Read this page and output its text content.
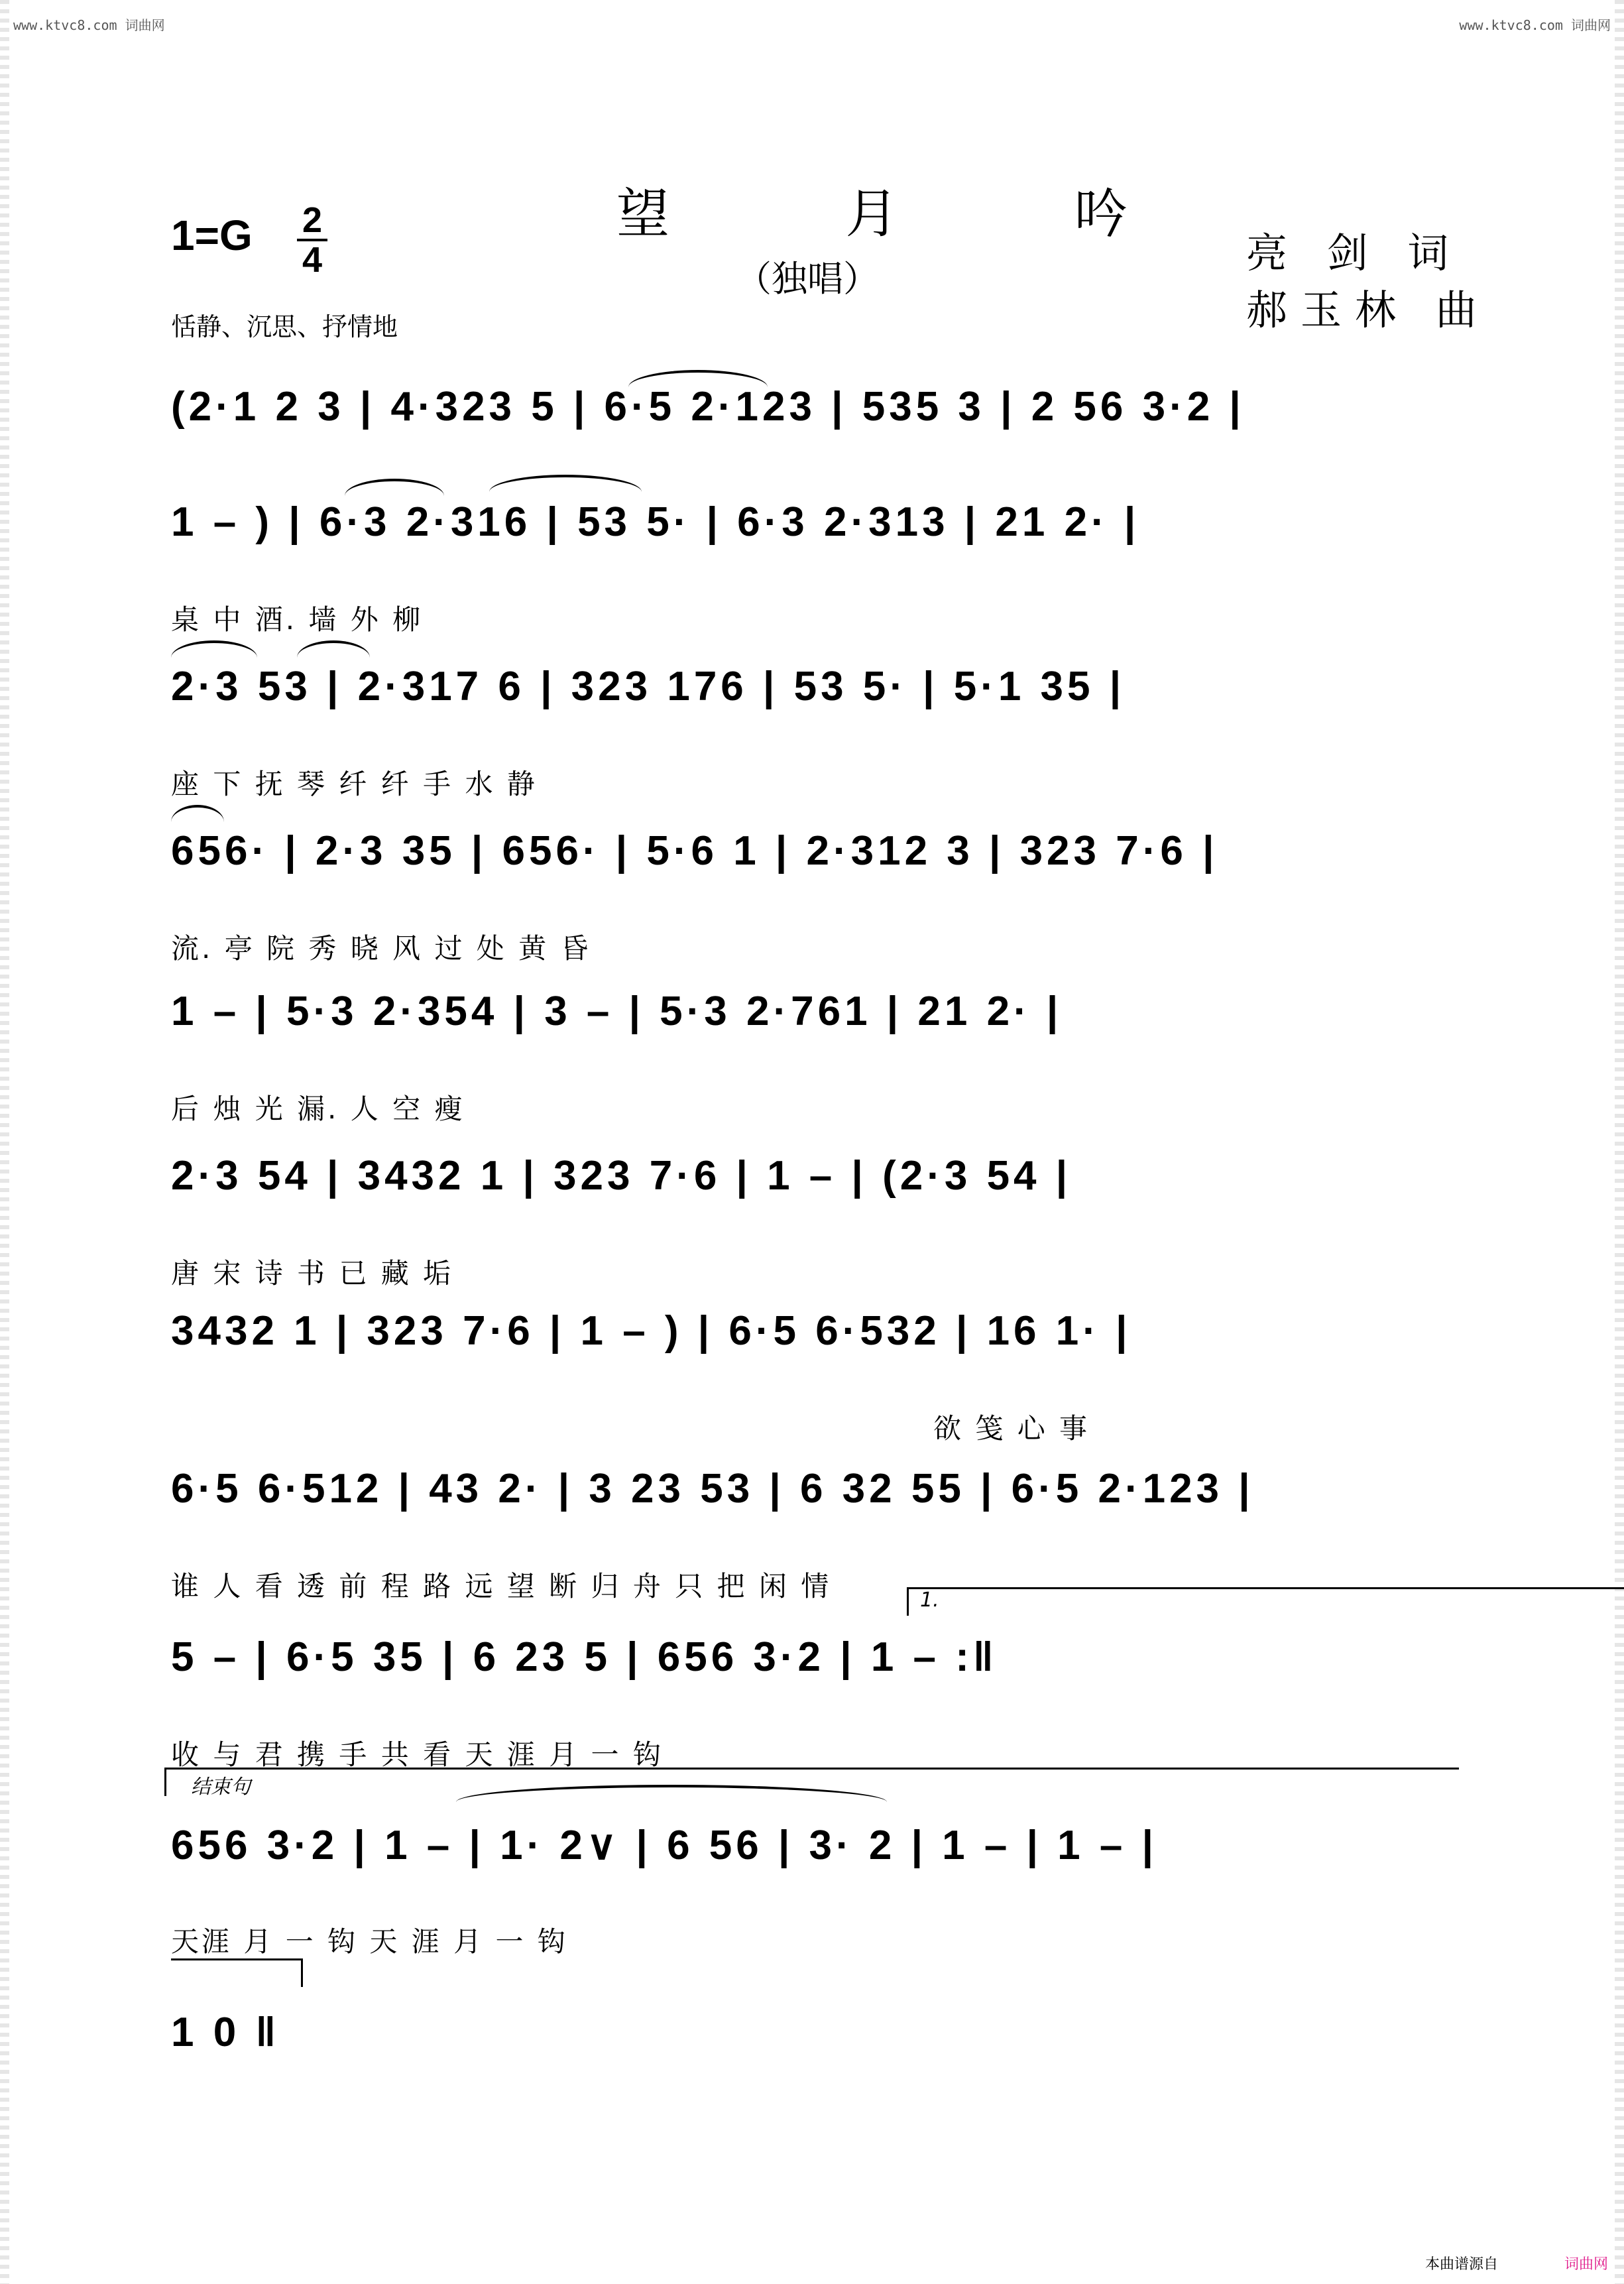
www.ktvc8.com 词曲网	www.ktvc8.com 词曲网
望 月 吟
（独唱）
1=G 2
4
恬静、沉思、抒情地
亮 剑 词
郝玉林 曲
(2·1 2 3 | 4·323 5 | 6·5 2·123 | 535 3 | 2 56 3·2 |
1 – ) | 6·3 2·316 | 53 5· | 6·3 2·313 | 21 2· |
桌 中 酒. 墙 外 柳
2·3 53 | 2·317 6 | 323 176 | 53 5· | 5·1 35 |
座 下 抚 琴 纤 纤 手 水 静
656· | 2·3 35 | 656· | 5·6 1 | 2·312 3 | 323 7·6 |
流. 亭 院 秀 晓 风 过 处 黄 昏
1 – | 5·3 2·354 | 3 – | 5·3 2·761 | 21 2· |
后 烛 光 漏. 人 空 瘦
2·3 54 | 3432 1 | 323 7·6 | 1 – | (2·3 54 |
唐 宋 诗 书 已 藏 垢
3432 1 | 323 7·6 | 1 – ) | 6·5 6·532 | 16 1· |
欲 笺 心 事
6·5 6·512 | 43 2· | 3 23 53 | 6 32 55 | 6·5 2·123 |
谁 人 看 透 前 程 路 远 望 断 归 舟 只 把 闲 情
5 – | 6·5 35 | 6 23 5 | 656 3·2 | 1 – :‖
收 与 君 携 手 共 看 天 涯 月 一 钩
1.
656 3·2 | 1 – | 1· 2∨ | 6 56 | 3· 2 | 1 – | 1 – |
天涯 月 一 钩 天 涯 月 一 钩
结束句
1 0 ‖
本曲谱源自	词曲网
